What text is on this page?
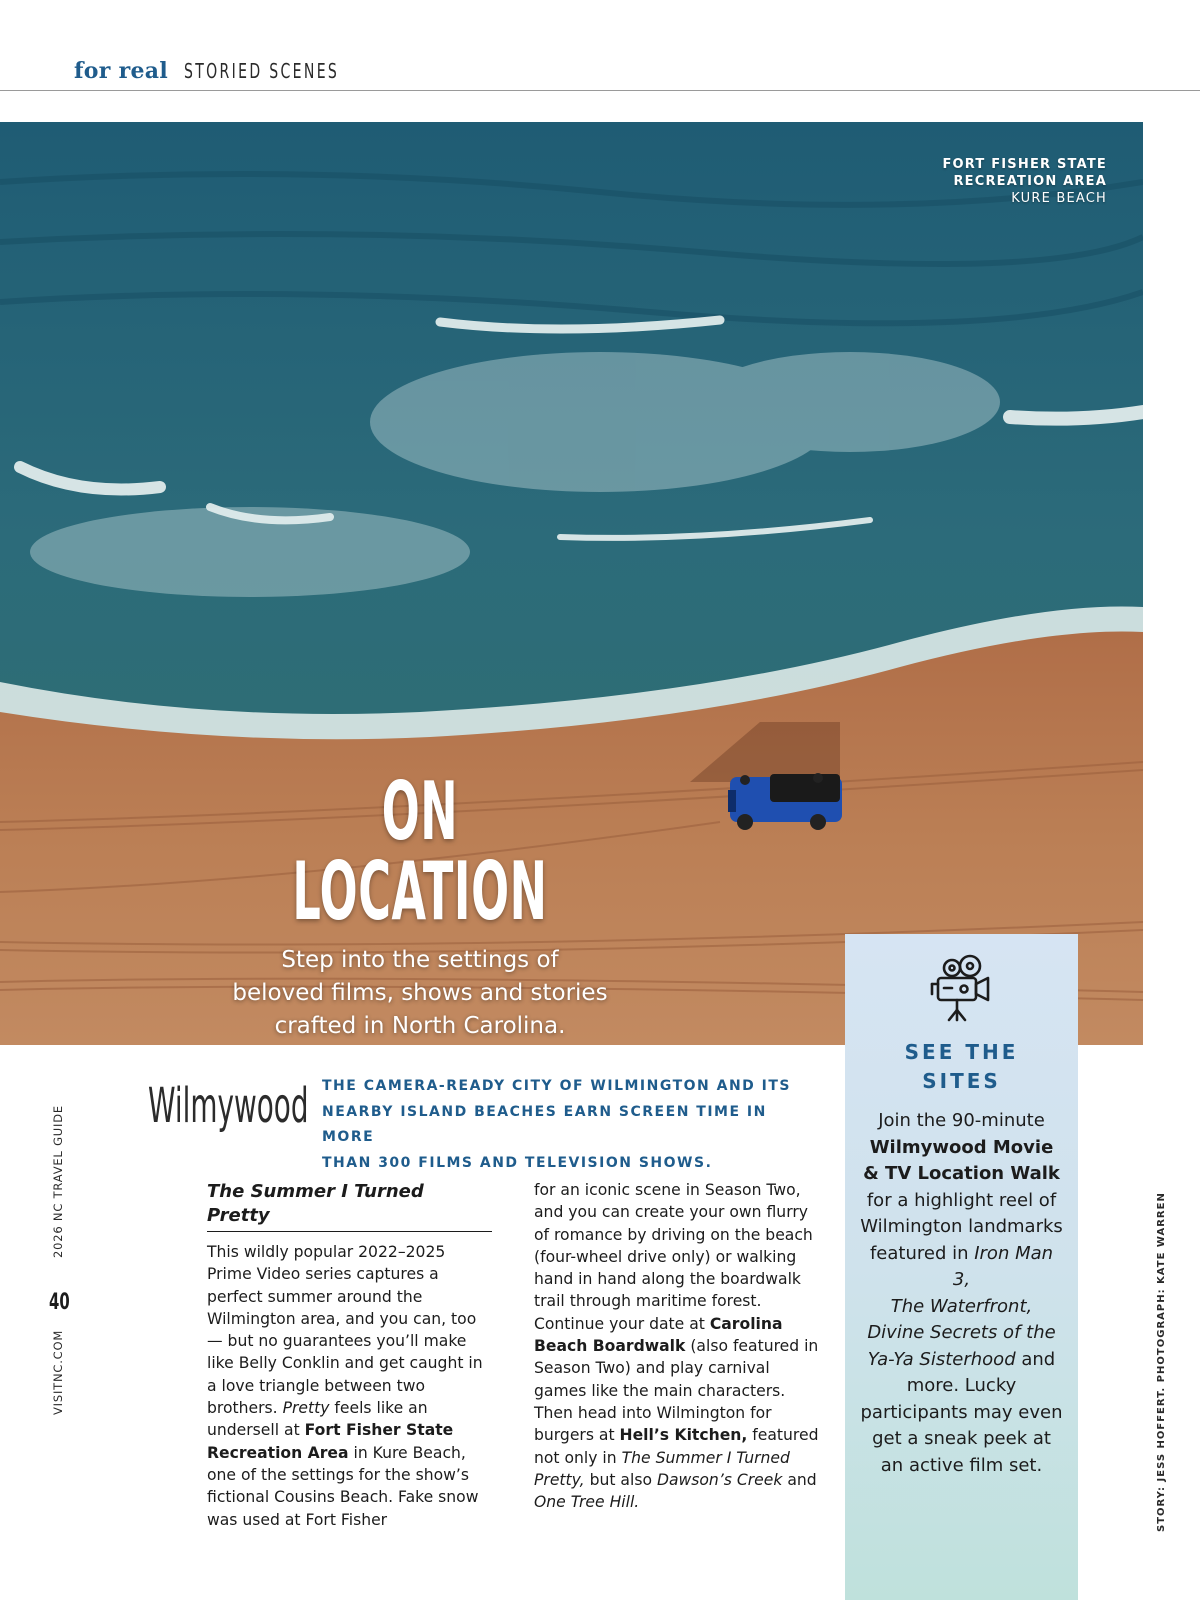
for real STORIED SCENES
FORT FISHER STATE
RECREATION AREA
KURE BEACH
ON LOCATION
Step into the settings of
beloved films, shows and stories
crafted in North Carolina.
SEE THE
SITES

Join the 90-minute Wilmywood Movie & TV Location Walk for a highlight reel of Wilmington landmarks featured in Iron Man 3,
The Waterfront,
Divine Secrets of the Ya-Ya Sisterhood and more. Lucky participants may even get a sneak peek at an active film set.

Wilmywood THE CAMERA-READY CITY OF WILMINGTON AND ITS
NEARBY ISLAND BEACHES EARN SCREEN TIME IN MORE
THAN 300 FILMS AND TELEVISION SHOWS.
The Summer I Turned Pretty

This wildly popular 2022–2025 Prime Video series captures a perfect summer around the Wilmington area, and you can, too — but no guarantees you’ll make like Belly Conklin and get caught in a love triangle between two brothers. Pretty feels like an undersell at Fort Fisher State Recreation Area in Kure Beach, one of the settings for the show’s fictional Cousins Beach. Fake snow was used at Fort Fisher

for an iconic scene in Season Two, and you can create your own flurry of romance by driving on the beach (four-wheel drive only) or walking hand in hand along the boardwalk trail through maritime forest. Continue your date at Carolina Beach Boardwalk (also featured in Season Two) and play carnival games like the main characters. Then head into Wilmington for burgers at Hell’s Kitchen, featured not only in The Summer I Turned Pretty, but also Dawson’s Creek and One Tree Hill.

VISITNC.COM
40
2026 NC TRAVEL GUIDE
STORY: JESS HOFFERT. PHOTOGRAPH: KATE WARREN
